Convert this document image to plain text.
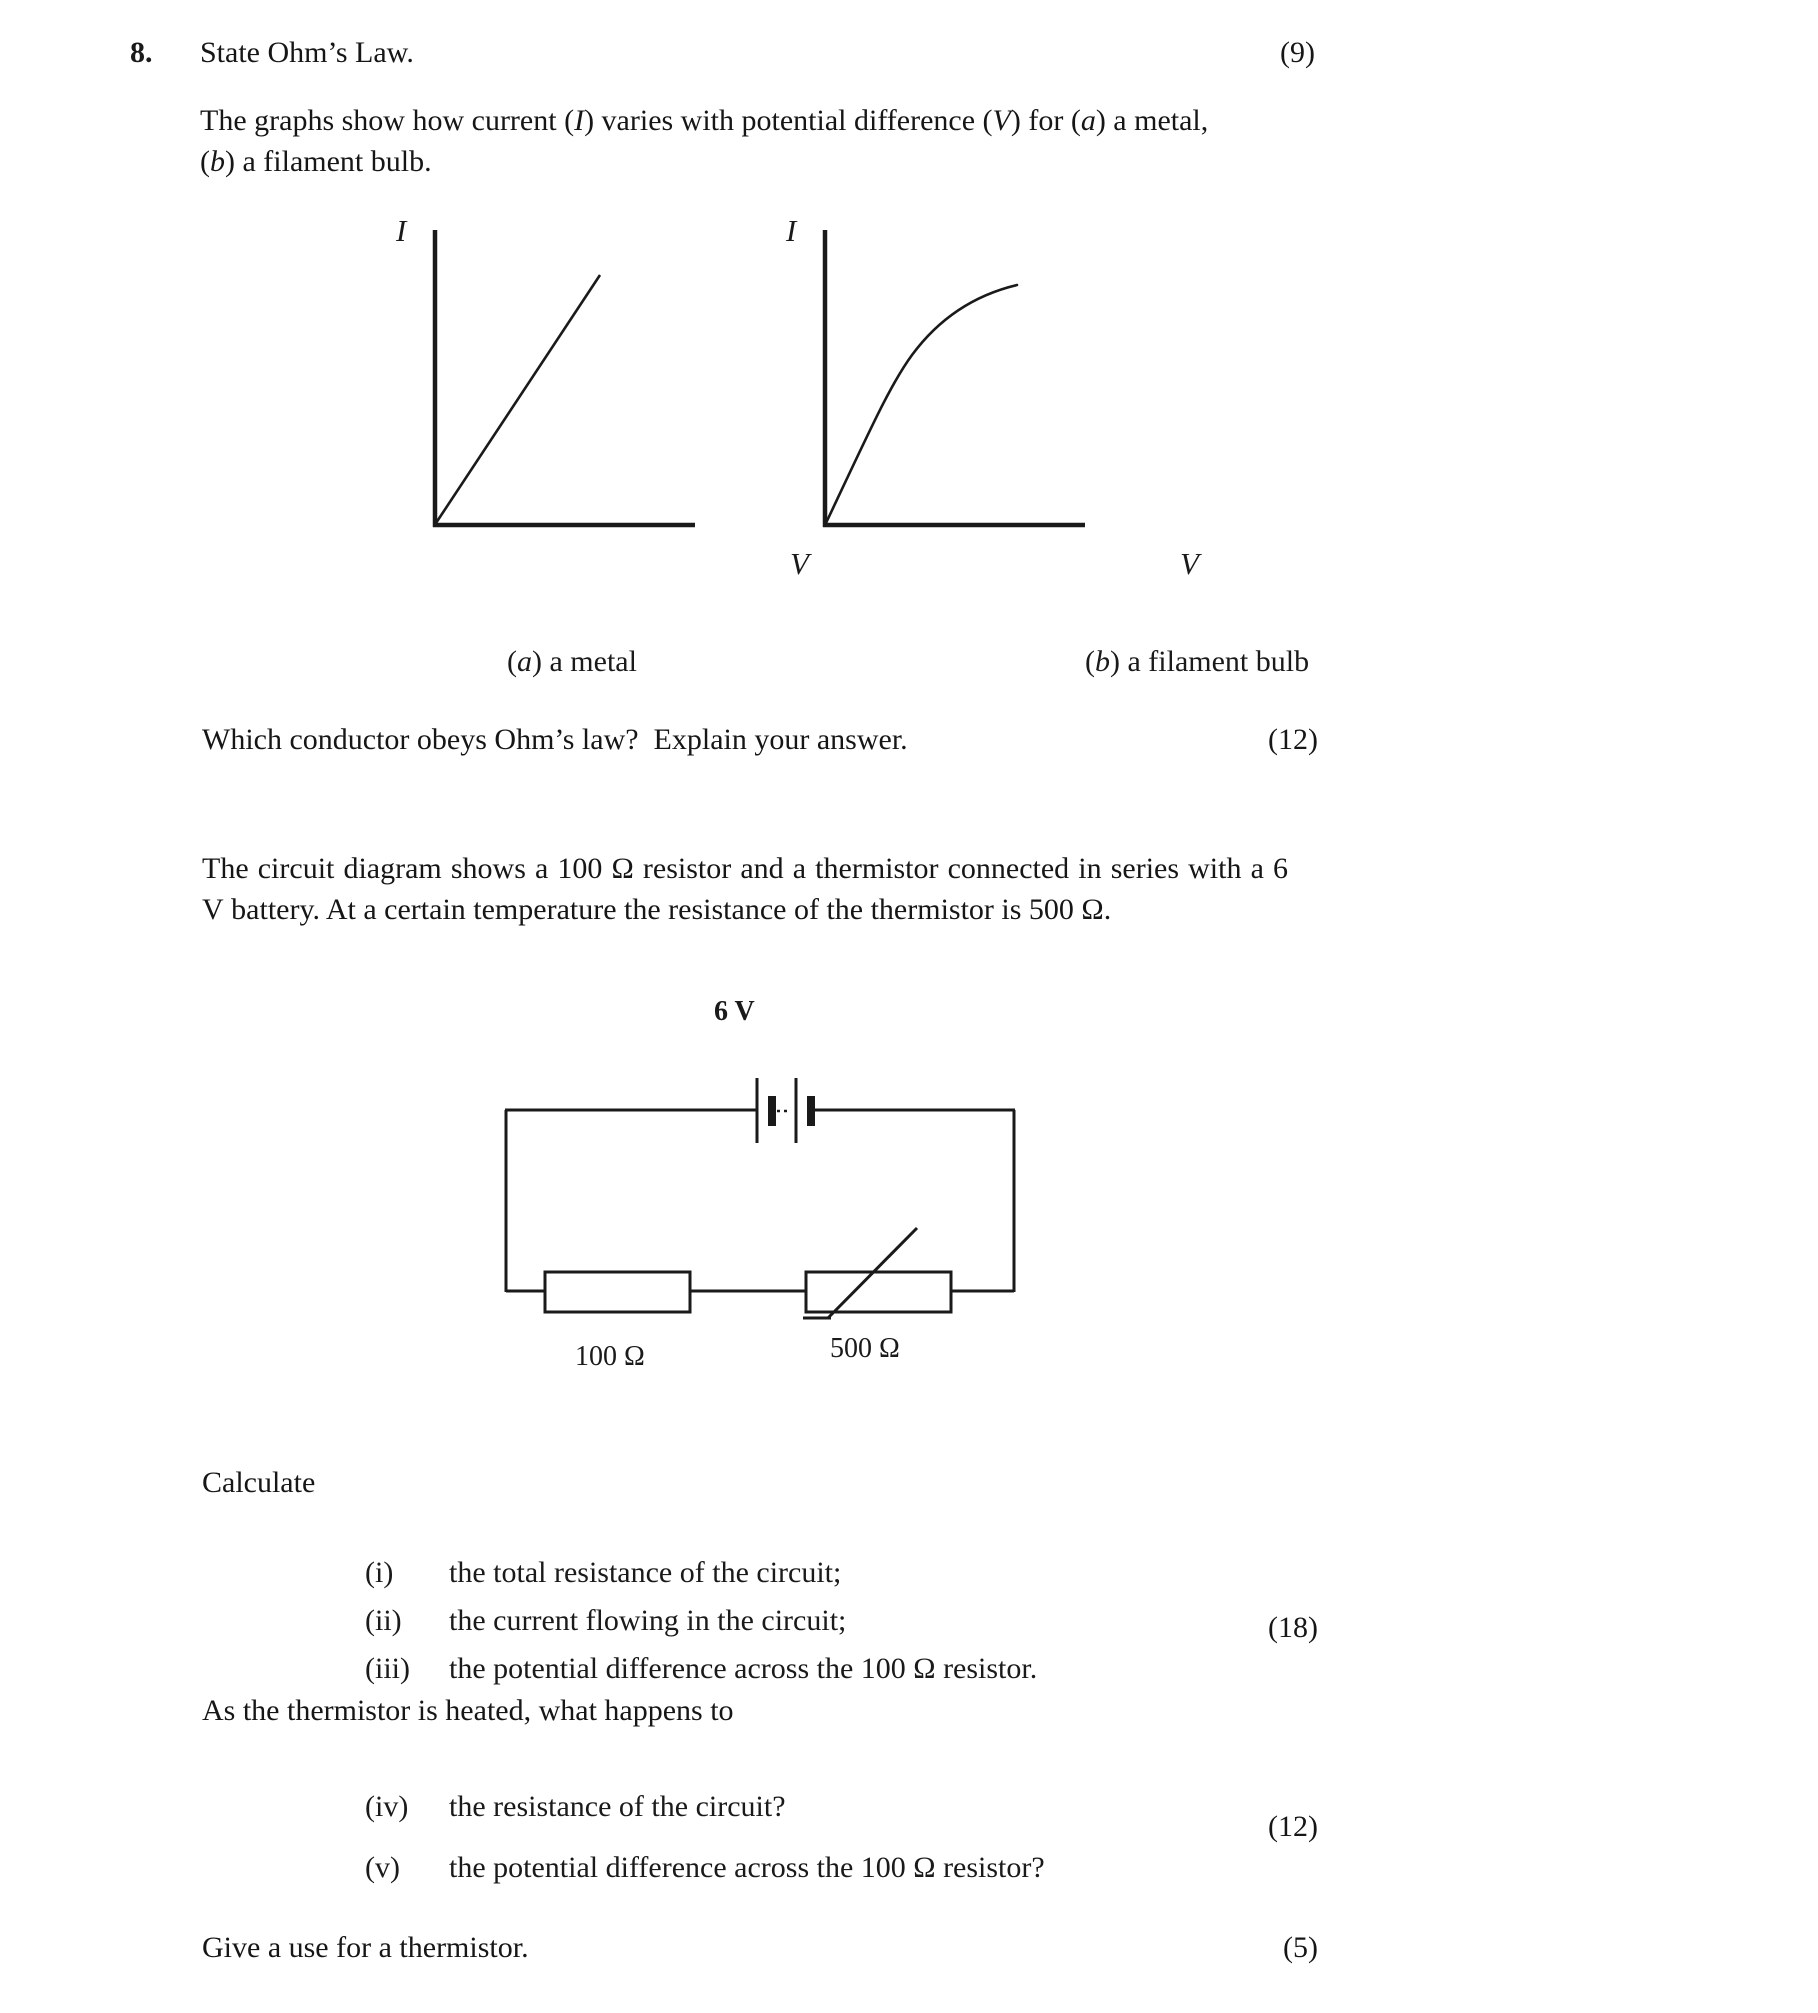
8. State Ohm’s Law.	(9)
The graphs show how current (I) varies with potential difference (V) for (a) a metal,
(b) a filament bulb.
I
V

(a) a metal

I
V

(b) a filament bulb

Which conductor obeys Ohm’s law?  Explain your answer.	(12)
The circuit diagram shows a 100 Ω resistor and a thermistor connected in series with a 6 V battery. At a certain temperature the resistance of the thermistor is 500 Ω.
6 V
100 Ω	500 Ω
Calculate

(i) the total resistance of the circuit;

(ii) the current flowing in the circuit;

(iii) the potential difference across the 100 Ω resistor.

(18)
As the thermistor is heated, what happens to

(iv) the resistance of the circuit?

(v) the potential difference across the 100 Ω resistor?

(12)
Give a use for a thermistor.	(5)
